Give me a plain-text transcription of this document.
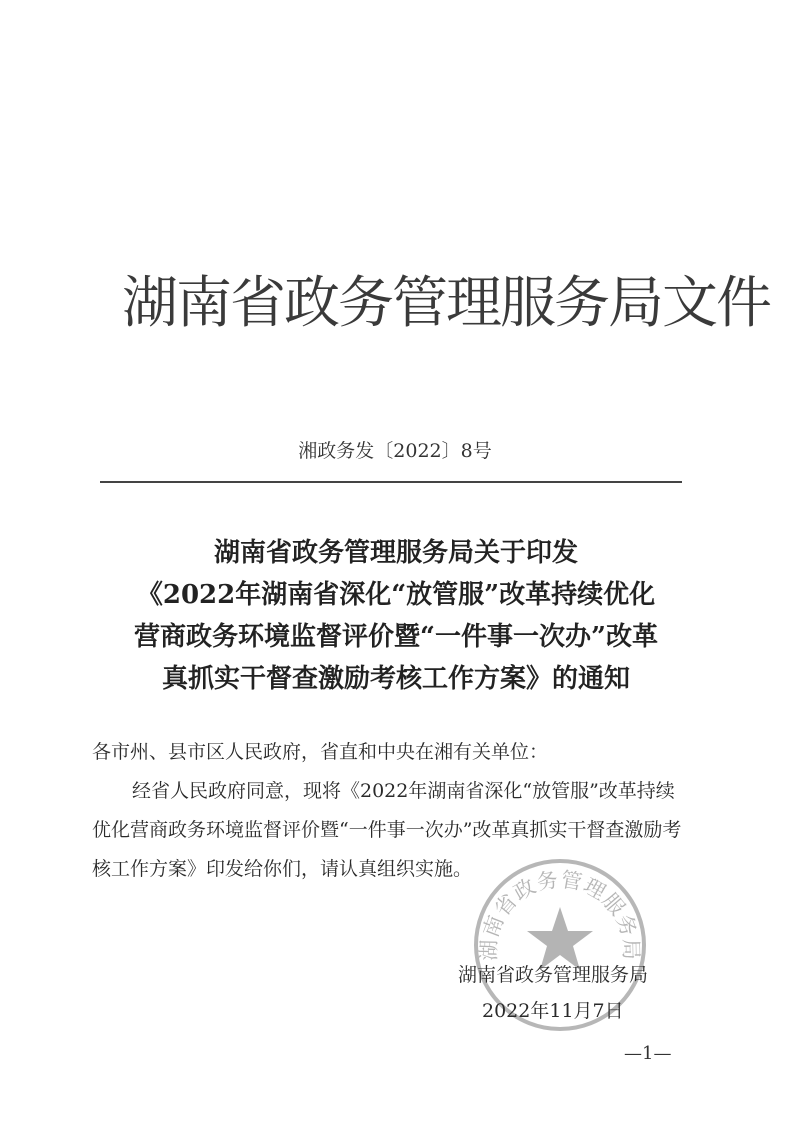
湖南省政务管理服务局文件
湘政务发〔2022〕8号
湖南省政务管理服务局关于印发
《2022年湖南省深化“放管服”改革持续优化
营商政务环境监督评价暨“一件事一次办”改革
真抓实干督查激励考核工作方案》的通知

各市州、县市区人民政府，省直和中央在湘有关单位：

经省人民政府同意，现将《2022年湖南省深化“放管服”改革持续优化营商政务环境监督评价暨“一件事一次办”改革真抓实干督查激励考核工作方案》印发给你们，请认真组织实施。

湖南省政务管理服务局
湖南省政务管理服务局
2022年11月7日
—1—
